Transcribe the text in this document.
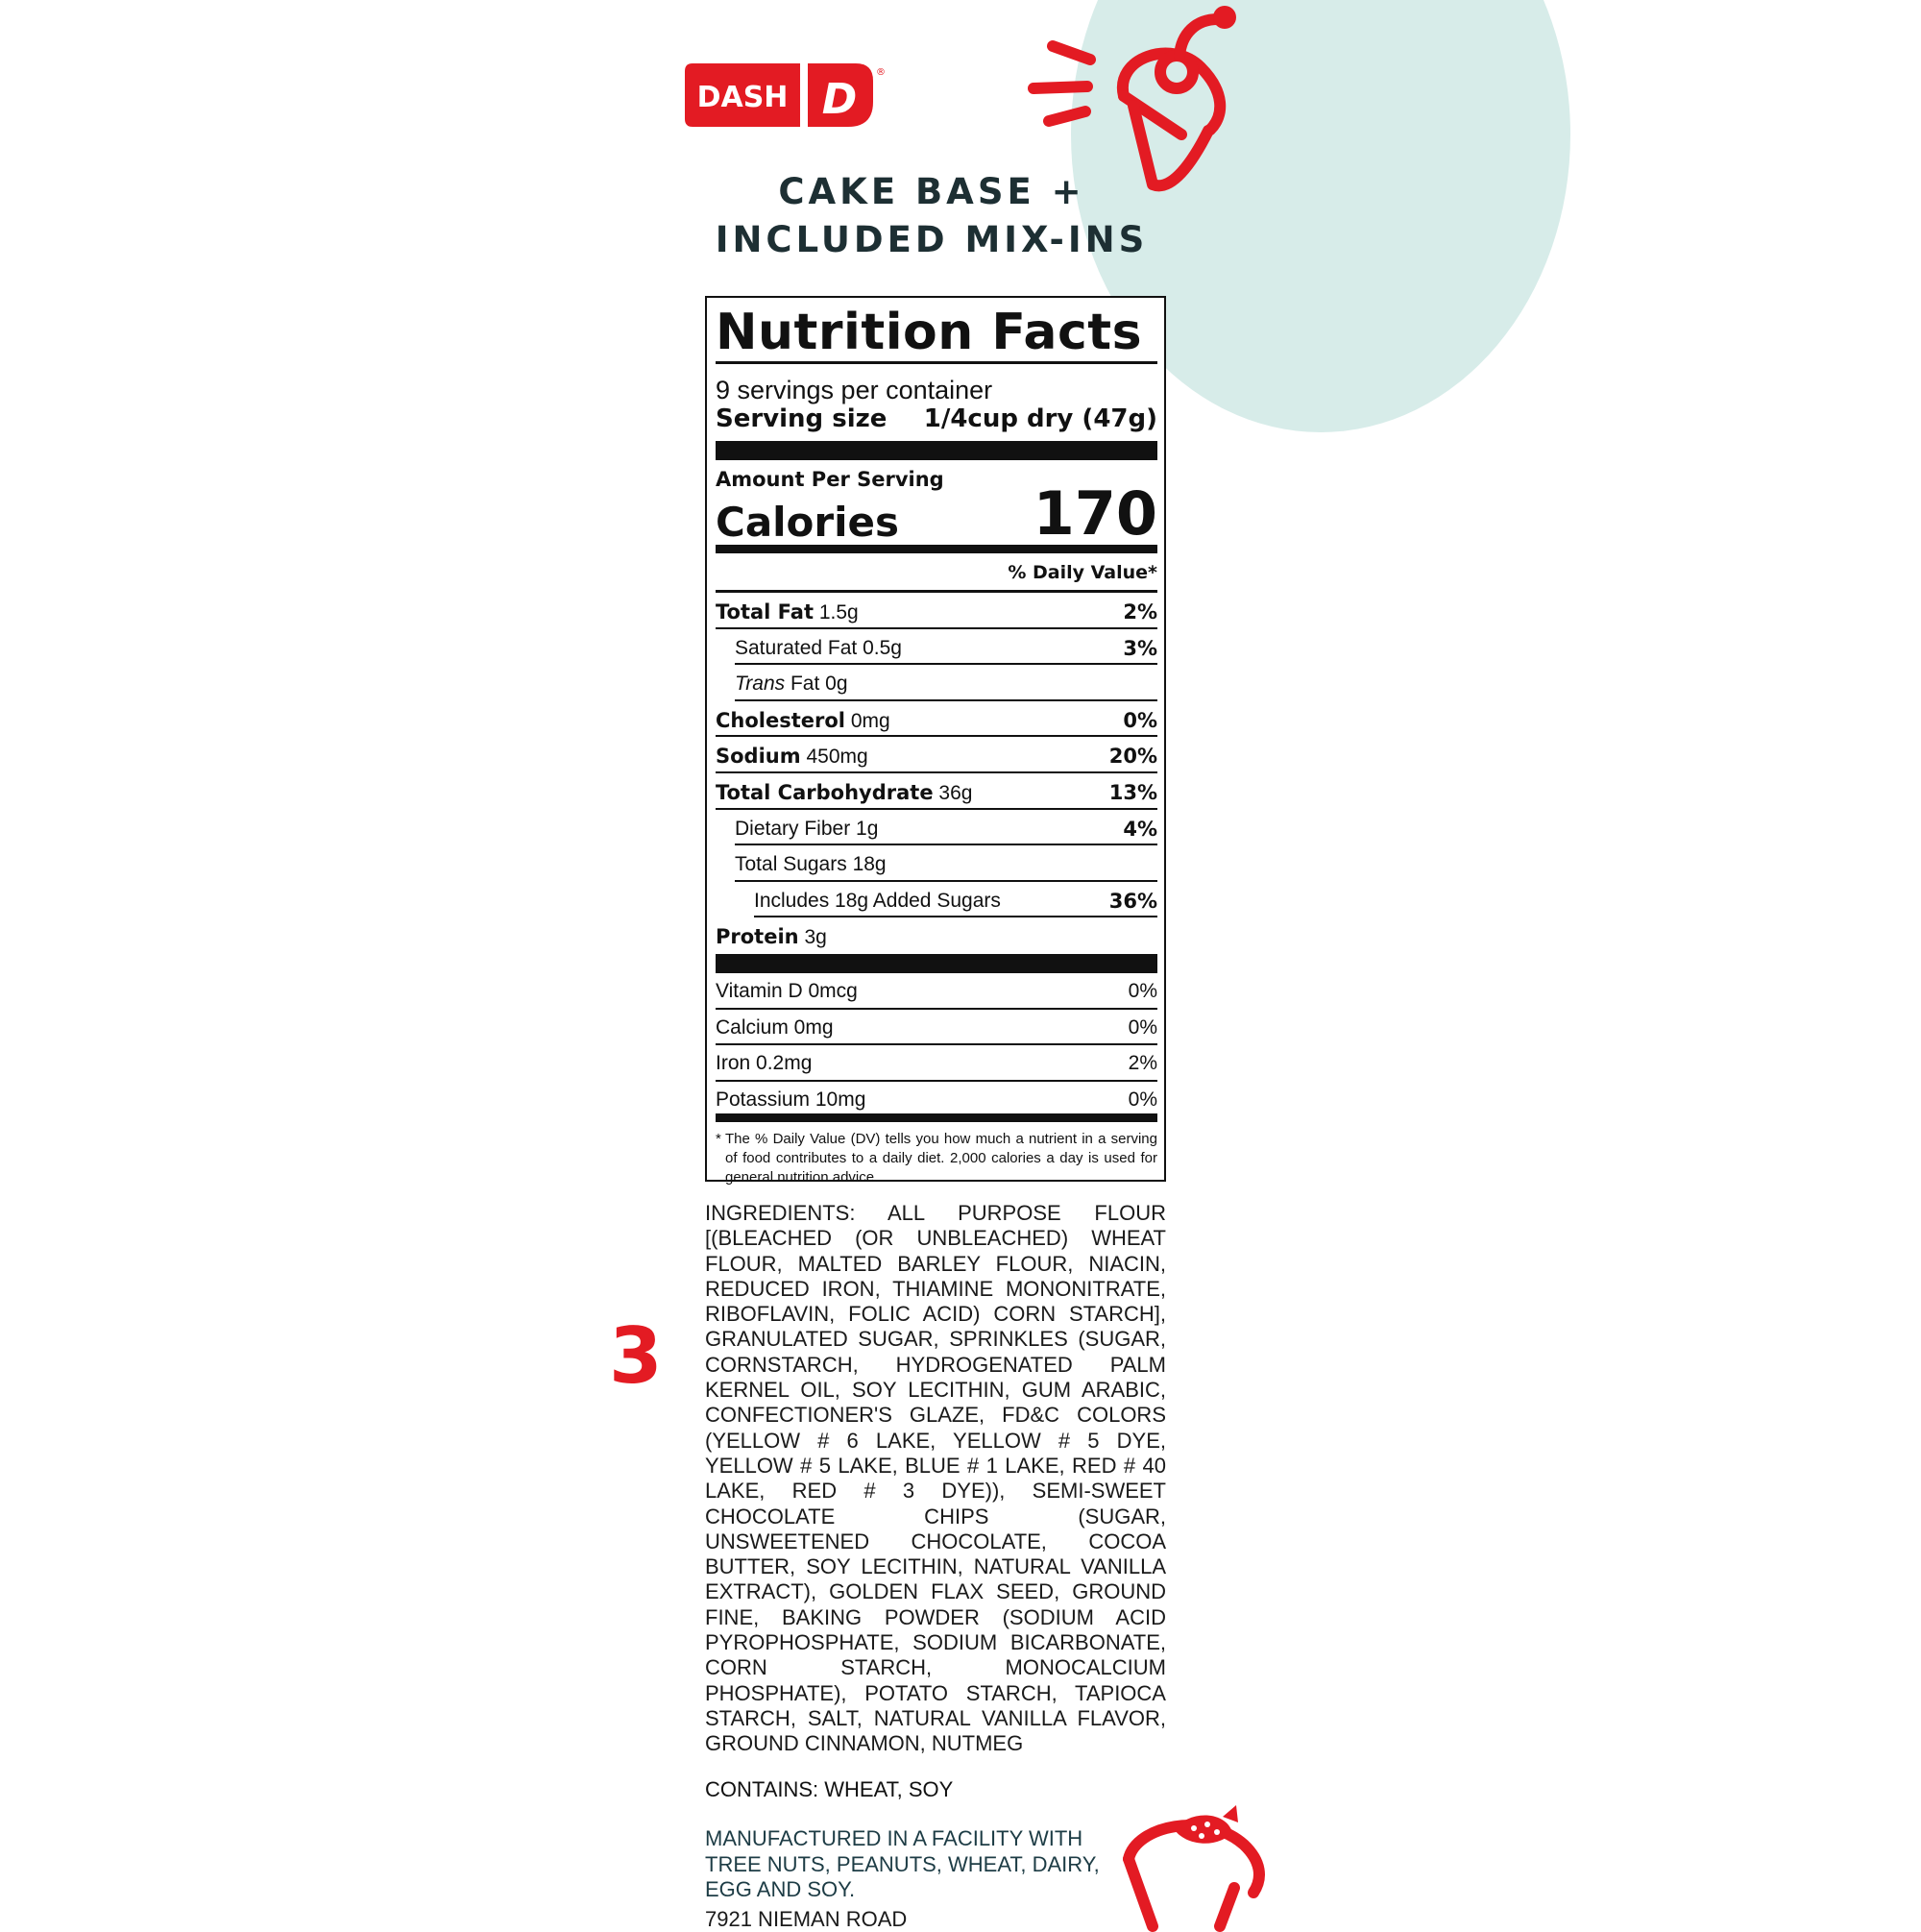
3
DASH D
®
CAKE BASE +
INCLUDED MIX-INS
Nutrition Facts
9 servings per container
Serving size 1/4cup dry (47g)
Amount Per Serving
Calories 170
% Daily Value*
Total Fat 1.5g	2%
Saturated Fat 0.5g	3%
Trans Fat 0g
Cholesterol 0mg	0%
Sodium 450mg	20%
Total Carbohydrate 36g	13%
Dietary Fiber 1g	4%
Total Sugars 18g
Includes 18g Added Sugars	36%
Protein 3g
Vitamin D 0mcg	0%
Calcium 0mg	0%
Iron 0.2mg	2%
Potassium 10mg	0%
* The % Daily Value (DV) tells you how much a nutrient in a serving of food contributes to a daily diet. 2,000 calories a day is used for general nutrition advice.
INGREDIENTS: ALL PURPOSE FLOUR [(BLEACHED (OR UNBLEACHED) WHEAT FLOUR, MALTED BARLEY FLOUR, NIACIN, REDUCED IRON, THIAMINE MONONITRATE, RIBOFLAVIN, FOLIC ACID) CORN STARCH], GRANULATED SUGAR, SPRINKLES (SUGAR, CORNSTARCH, HYDROGENATED PALM KERNEL OIL, SOY LECITHIN, GUM ARABIC, CONFECTIONER'S GLAZE, FD&C COLORS (YELLOW # 6 LAKE, YELLOW # 5 DYE, YELLOW # 5 LAKE, BLUE # 1 LAKE, RED # 40 LAKE, RED # 3 DYE)), SEMI-SWEET CHOCOLATE CHIPS (SUGAR, UNSWEETENED CHOCOLATE, COCOA BUTTER, SOY LECITHIN, NATURAL VANILLA EXTRACT), GOLDEN FLAX SEED, GROUND FINE, BAKING POWDER (SODIUM ACID PYROPHOSPHATE, SODIUM BICARBONATE, CORN STARCH, MONOCALCIUM PHOSPHATE), POTATO STARCH, TAPIOCA STARCH, SALT, NATURAL VANILLA FLAVOR, GROUND CINNAMON, NUTMEG
CONTAINS: WHEAT, SOY
MANUFACTURED IN A FACILITY WITH TREE NUTS, PEANUTS, WHEAT, DAIRY, EGG AND SOY.
7921 NIEMAN ROAD
